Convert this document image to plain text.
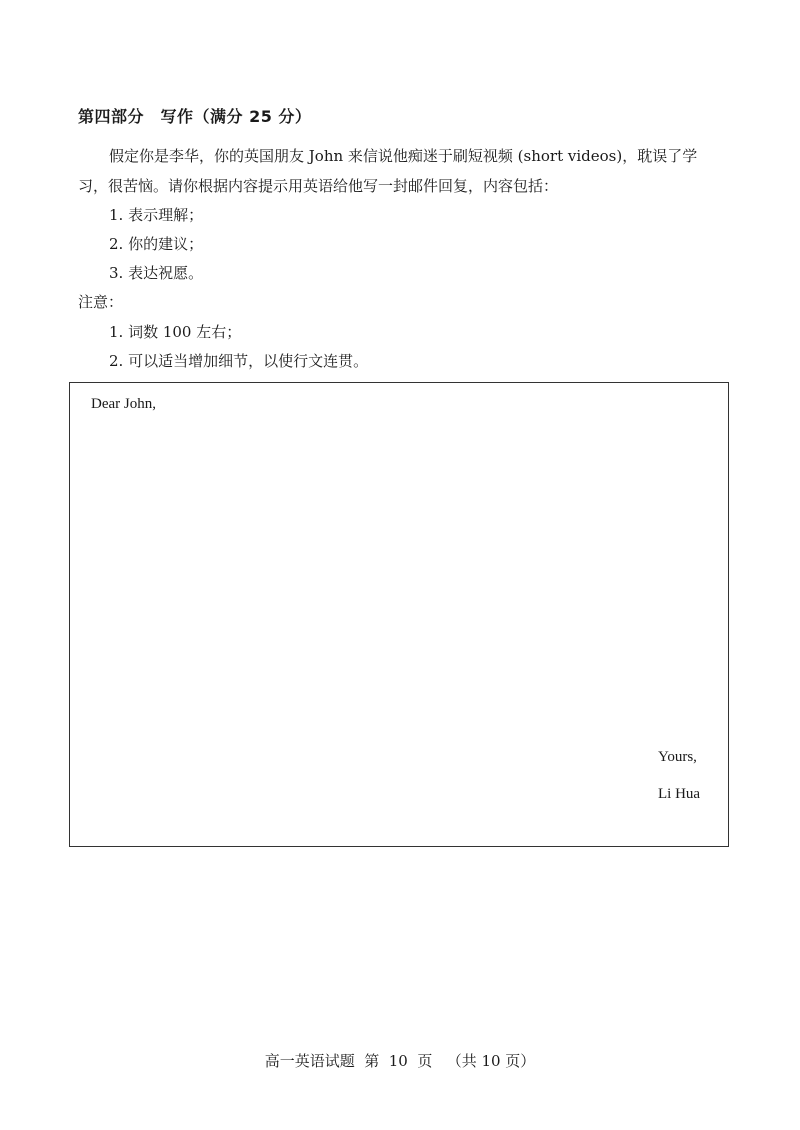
第四部分　写作（满分 25 分）

假定你是李华，你的英国朋友 John 来信说他痴迷于刷短视频 (short videos)，耽误了学习，很苦恼。请你根据内容提示用英语给他写一封邮件回复，内容包括：

1. 表示理解；
2. 你的建议；
3. 表达祝愿。
注意：
1. 词数 100 左右；
2. 可以适当增加细节，以使行文连贯。
Dear John,
Yours,
Li Hua
高一英语试题  第  10  页   （共 10 页）
